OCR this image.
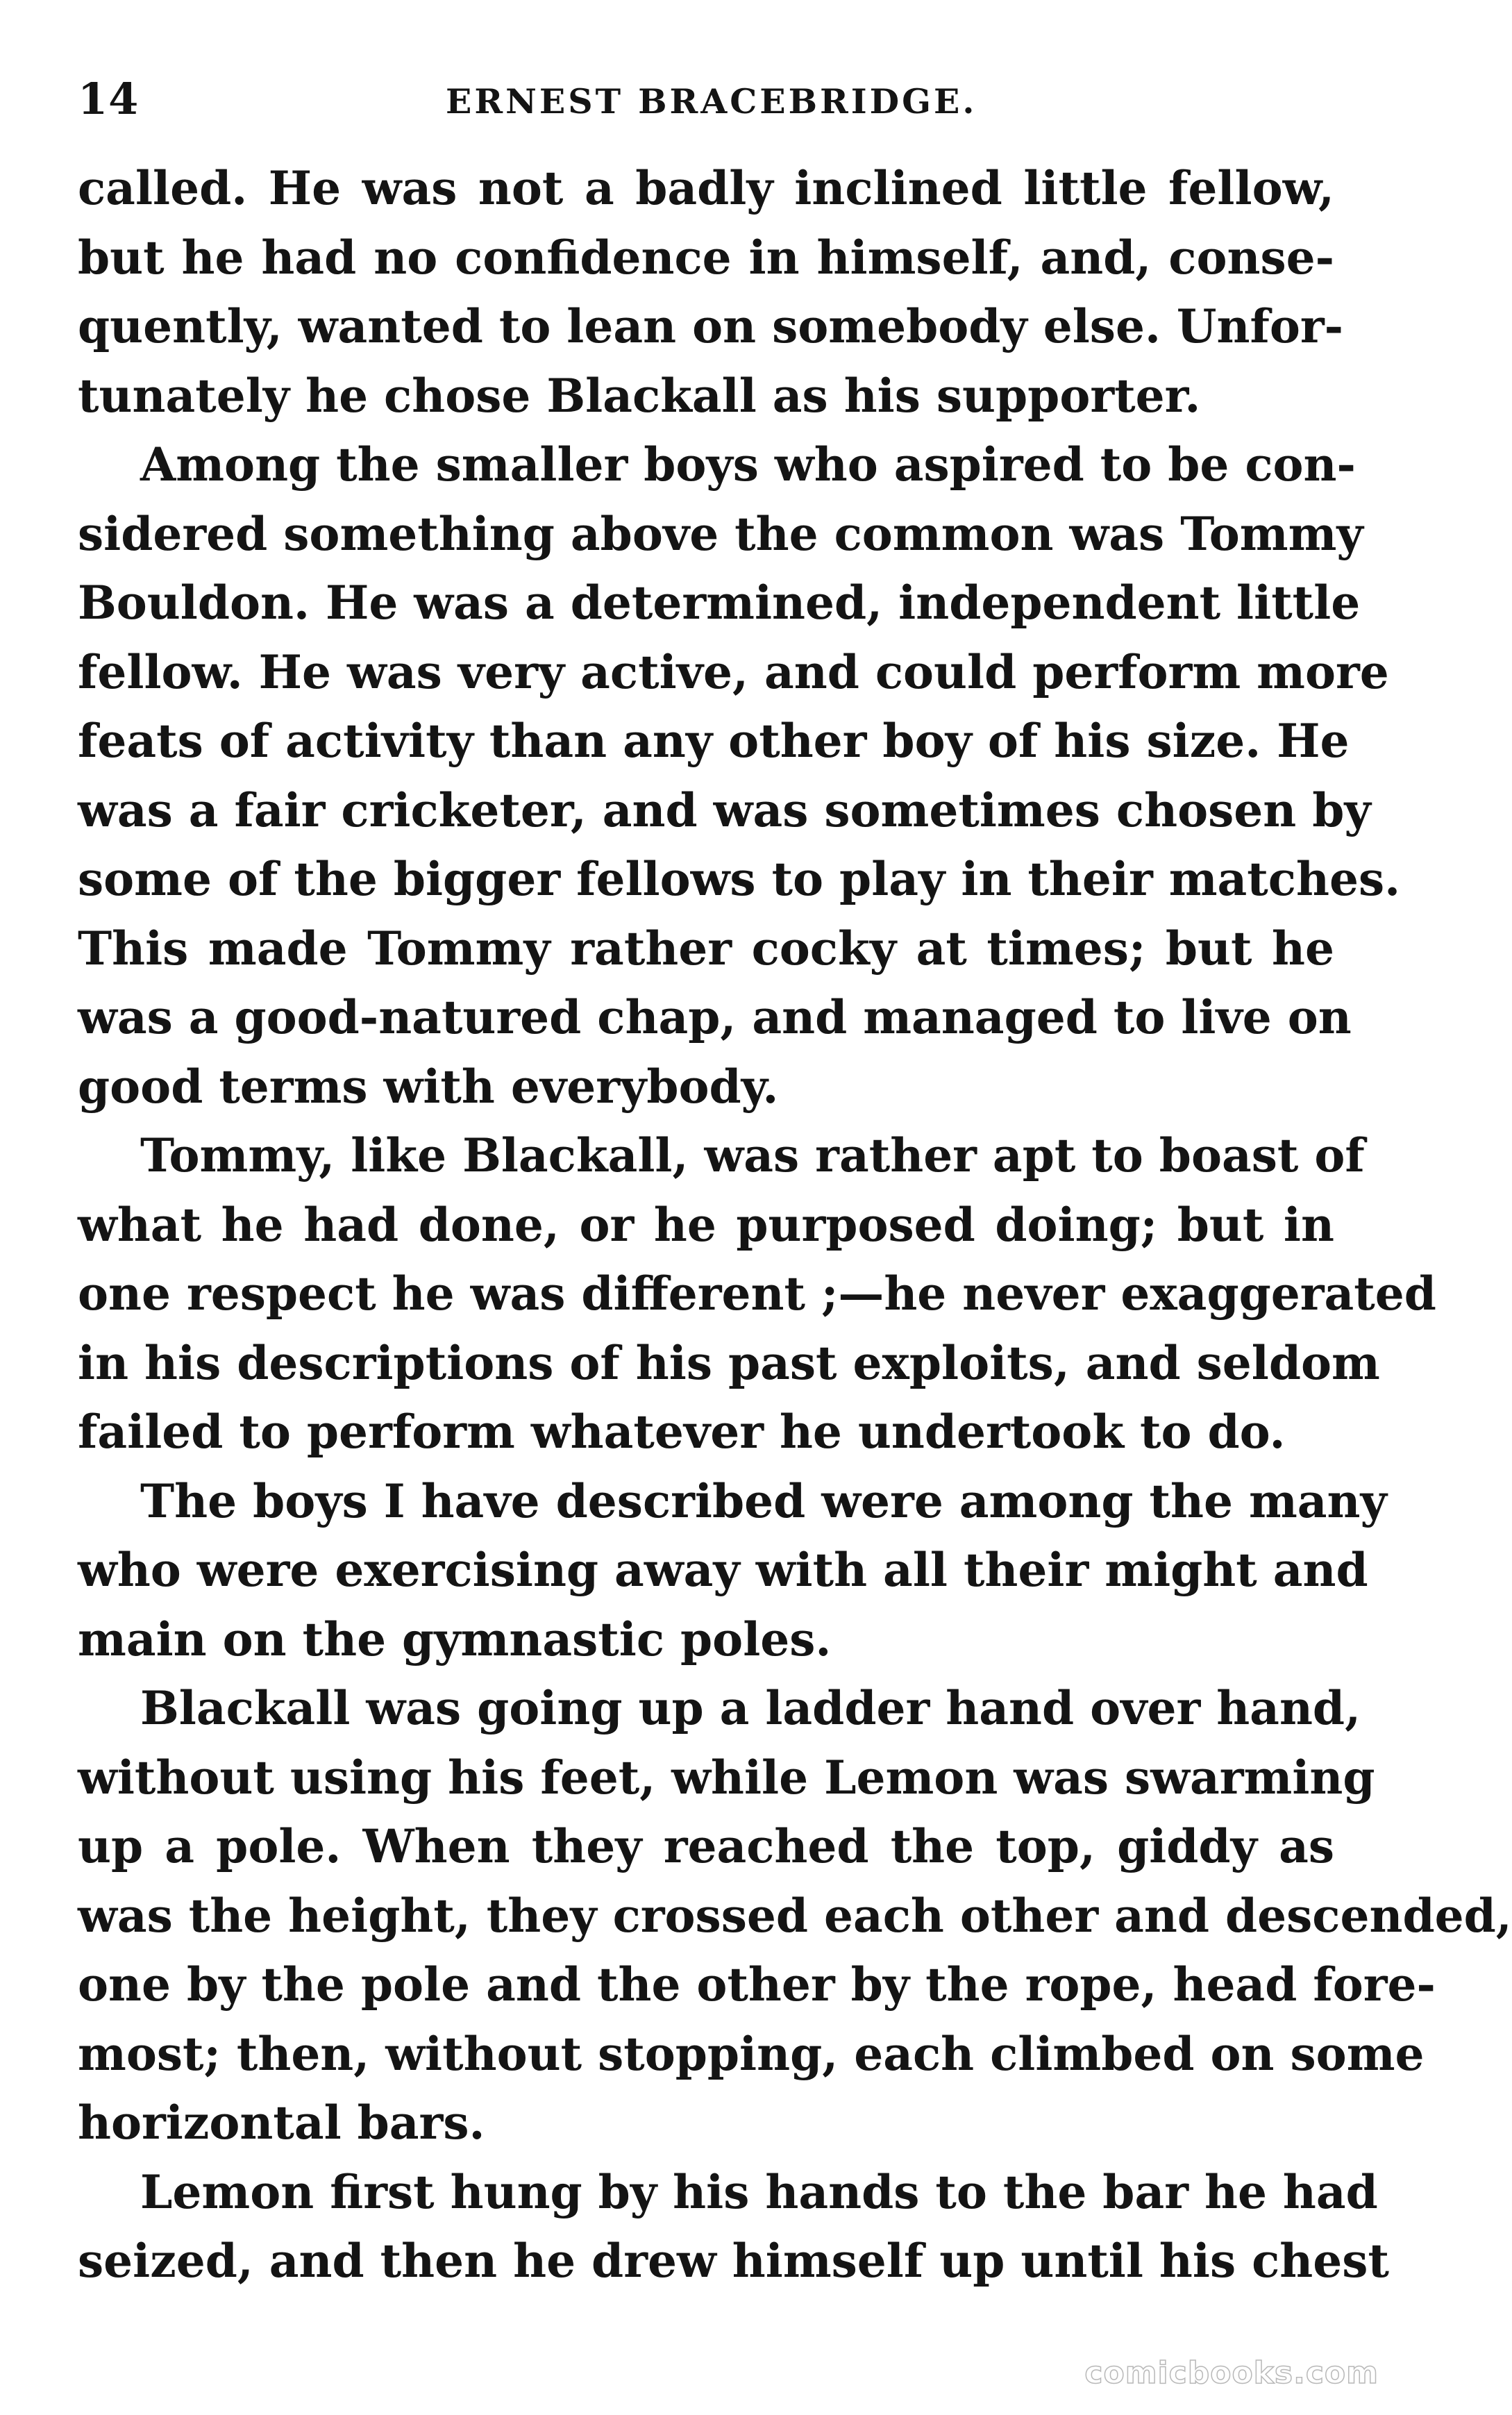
14	ERNEST BRACEBRIDGE.
called. He was not a badly inclined little fellow,
but he had no confidence in himself, and, conse-
quently, wanted to lean on somebody else. Unfor-
tunately he chose Blackall as his supporter.
Among the smaller boys who aspired to be con-
sidered something above the common was Tommy
Bouldon. He was a determined, independent little
fellow. He was very active, and could perform more
feats of activity than any other boy of his size. He
was a fair cricketer, and was sometimes chosen by
some of the bigger fellows to play in their matches.
This made Tommy rather cocky at times; but he
was a good-natured chap, and managed to live on
good terms with everybody.
Tommy, like Blackall, was rather apt to boast of
what he had done, or he purposed doing; but in
one respect he was different ;—he never exaggerated
in his descriptions of his past exploits, and seldom
failed to perform whatever he undertook to do.
The boys I have described were among the many
who were exercising away with all their might and
main on the gymnastic poles.
Blackall was going up a ladder hand over hand,
without using his feet, while Lemon was swarming
up a pole. When they reached the top, giddy as
was the height, they crossed each other and descended,
one by the pole and the other by the rope, head fore-
most; then, without stopping, each climbed on some
horizontal bars.
Lemon first hung by his hands to the bar he had
seized, and then he drew himself up until his chest
comicbooks.com
